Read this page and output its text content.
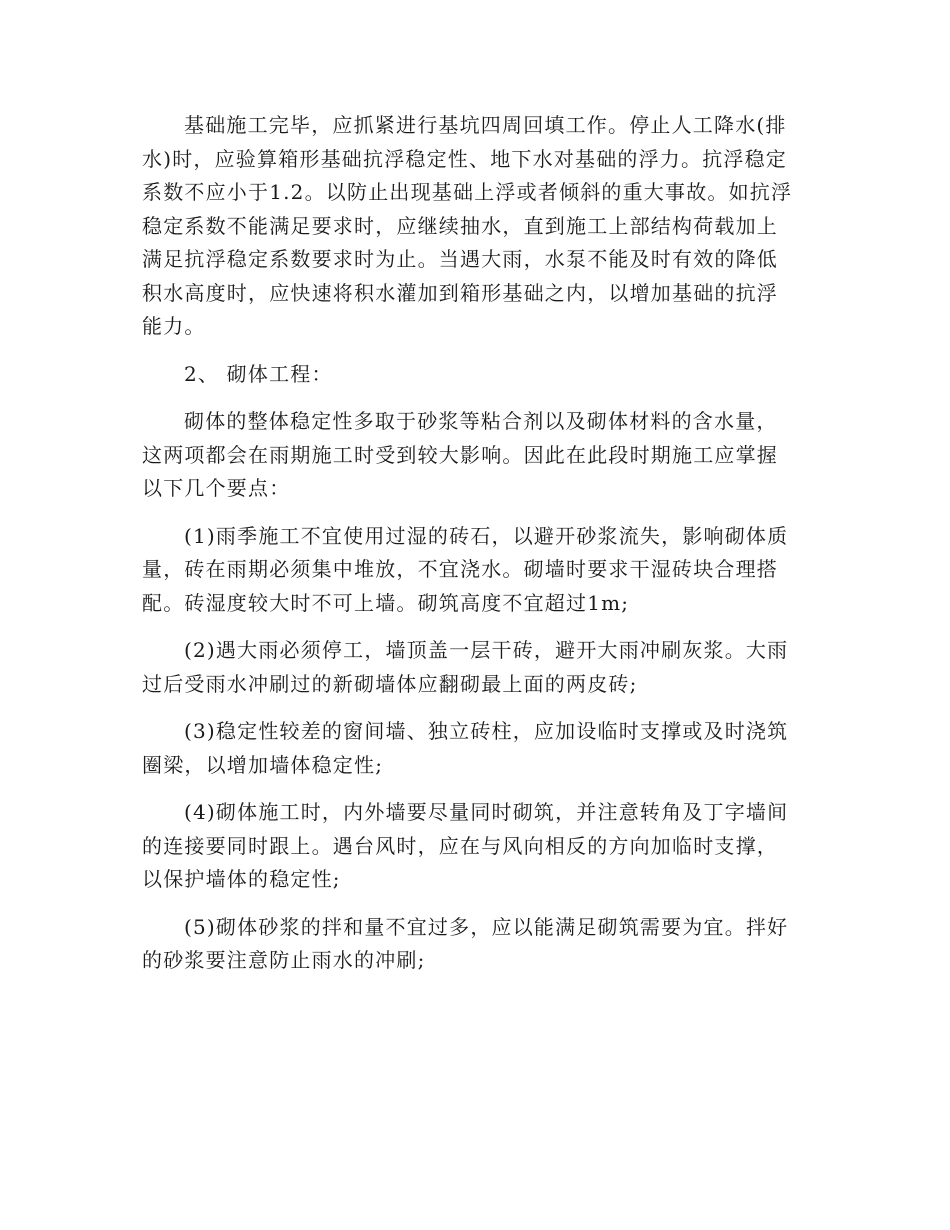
基础施工完毕，应抓紧进行基坑四周回填工作。停止人工降水(排
水)时，应验算箱形基础抗浮稳定性、地下水对基础的浮力。抗浮稳定
系数不应小于1.2。以防止出现基础上浮或者倾斜的重大事故。如抗浮
稳定系数不能满足要求时，应继续抽水，直到施工上部结构荷载加上
满足抗浮稳定系数要求时为止。当遇大雨，水泵不能及时有效的降低
积水高度时，应快速将积水灌加到箱形基础之内，以增加基础的抗浮
能力。
2、 砌体工程：
砌体的整体稳定性多取于砂浆等粘合剂以及砌体材料的含水量，
这两项都会在雨期施工时受到较大影响。因此在此段时期施工应掌握
以下几个要点：
(1)雨季施工不宜使用过湿的砖石，以避开砂浆流失，影响砌体质
量，砖在雨期必须集中堆放，不宜浇水。砌墙时要求干湿砖块合理搭
配。砖湿度较大时不可上墙。砌筑高度不宜超过1m;
(2)遇大雨必须停工，墙顶盖一层干砖，避开大雨冲刷灰浆。大雨
过后受雨水冲刷过的新砌墙体应翻砌最上面的两皮砖;
(3)稳定性较差的窗间墙、独立砖柱，应加设临时支撑或及时浇筑
圈梁，以增加墙体稳定性;
(4)砌体施工时，内外墙要尽量同时砌筑，并注意转角及丁字墙间
的连接要同时跟上。遇台风时，应在与风向相反的方向加临时支撑，
以保护墙体的稳定性;
(5)砌体砂浆的拌和量不宜过多，应以能满足砌筑需要为宜。拌好
的砂浆要注意防止雨水的冲刷;
